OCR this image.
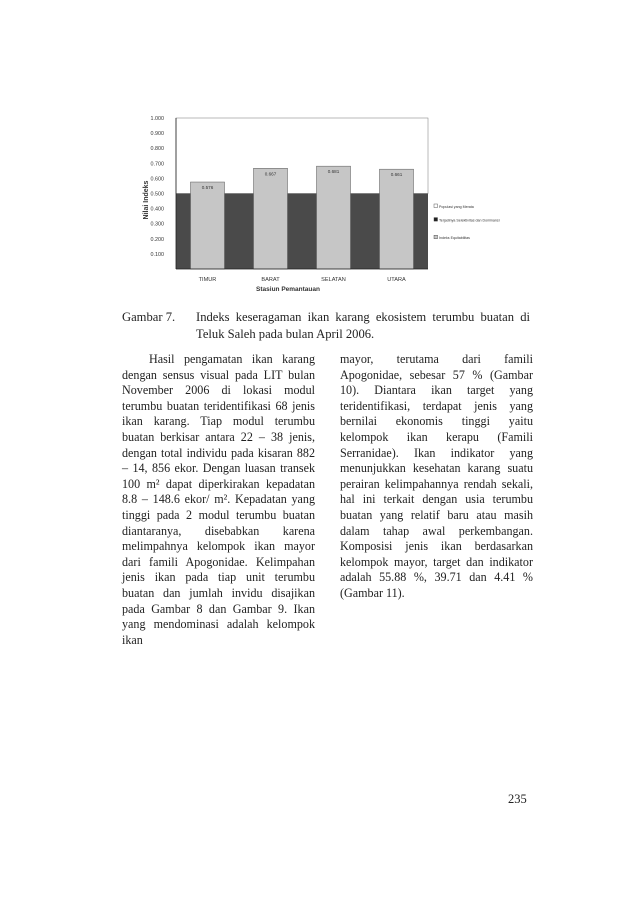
1.000
0.900
0.800
0.700
0.600
0.500
0.400
0.300
0.200
0.100
0.576
0.667	0.681
0.661
TIMUR	BARAT	SELATAN	UTARA
Nilai Indeks
Stasiun Pemantauan
Populasi yang Merata
Terjadinya Selektivitas dan Dominansi
Indeks Equitabilitas
Gambar 7. Indeks keseragaman ikan karang ekosistem terumbu buatan di Teluk Saleh pada bulan April 2006.

Hasil pengamatan ikan karang dengan sensus visual pada LIT bulan November 2006 di lokasi modul terumbu buatan teridentifikasi 68 jenis ikan karang. Tiap modul terumbu buatan berkisar antara 22 – 38 jenis, dengan total individu pada kisaran 882 – 14, 856 ekor. Dengan luasan transek 100 m² dapat diperkirakan kepadatan 8.8 – 148.6 ekor/ m². Kepadatan yang tinggi pada 2 modul terumbu buatan diantaranya, disebabkan karena melimpahnya kelompok ikan mayor dari famili Apogonidae. Kelimpahan jenis ikan pada tiap unit terumbu buatan dan jumlah invidu disajikan pada Gambar 8 dan Gambar 9. Ikan yang mendominasi adalah kelompok ikan

mayor, terutama dari famili Apogonidae, sebesar 57 % (Gambar 10). Diantara ikan target yang teridentifikasi, terdapat jenis yang bernilai ekonomis tinggi yaitu kelompok ikan kerapu (Famili Serranidae). Ikan indikator yang menunjukkan kesehatan karang suatu perairan kelimpahannya rendah sekali, hal ini terkait dengan usia terumbu buatan yang relatif baru atau masih dalam tahap awal perkembangan. Komposisi jenis ikan berdasarkan kelompok mayor, target dan indikator adalah 55.88 %, 39.71 dan 4.41 % (Gambar 11).

235
